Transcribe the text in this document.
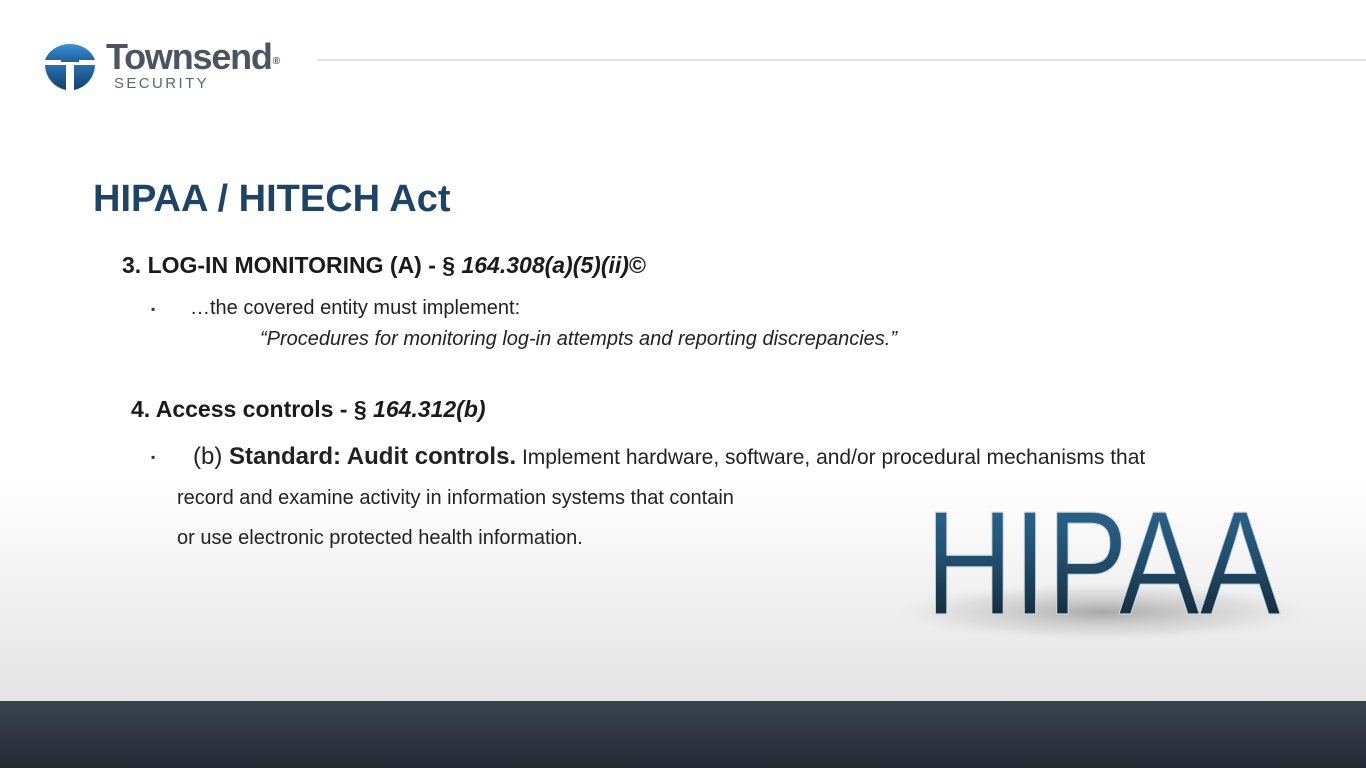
Townsend®
SECURITY
HIPAA / HITECH Act
3. LOG-IN MONITORING (A) - § 164.308(a)(5)(ii)©
▪ …the covered entity must implement:
“Procedures for monitoring log-in attempts and reporting discrepancies.”
4. Access controls - § 164.312(b)
▪ (b) Standard: Audit controls. Implement hardware, software, and/or procedural mechanisms that
record and examine activity in information systems that contain
or use electronic protected health information. HIPAA
